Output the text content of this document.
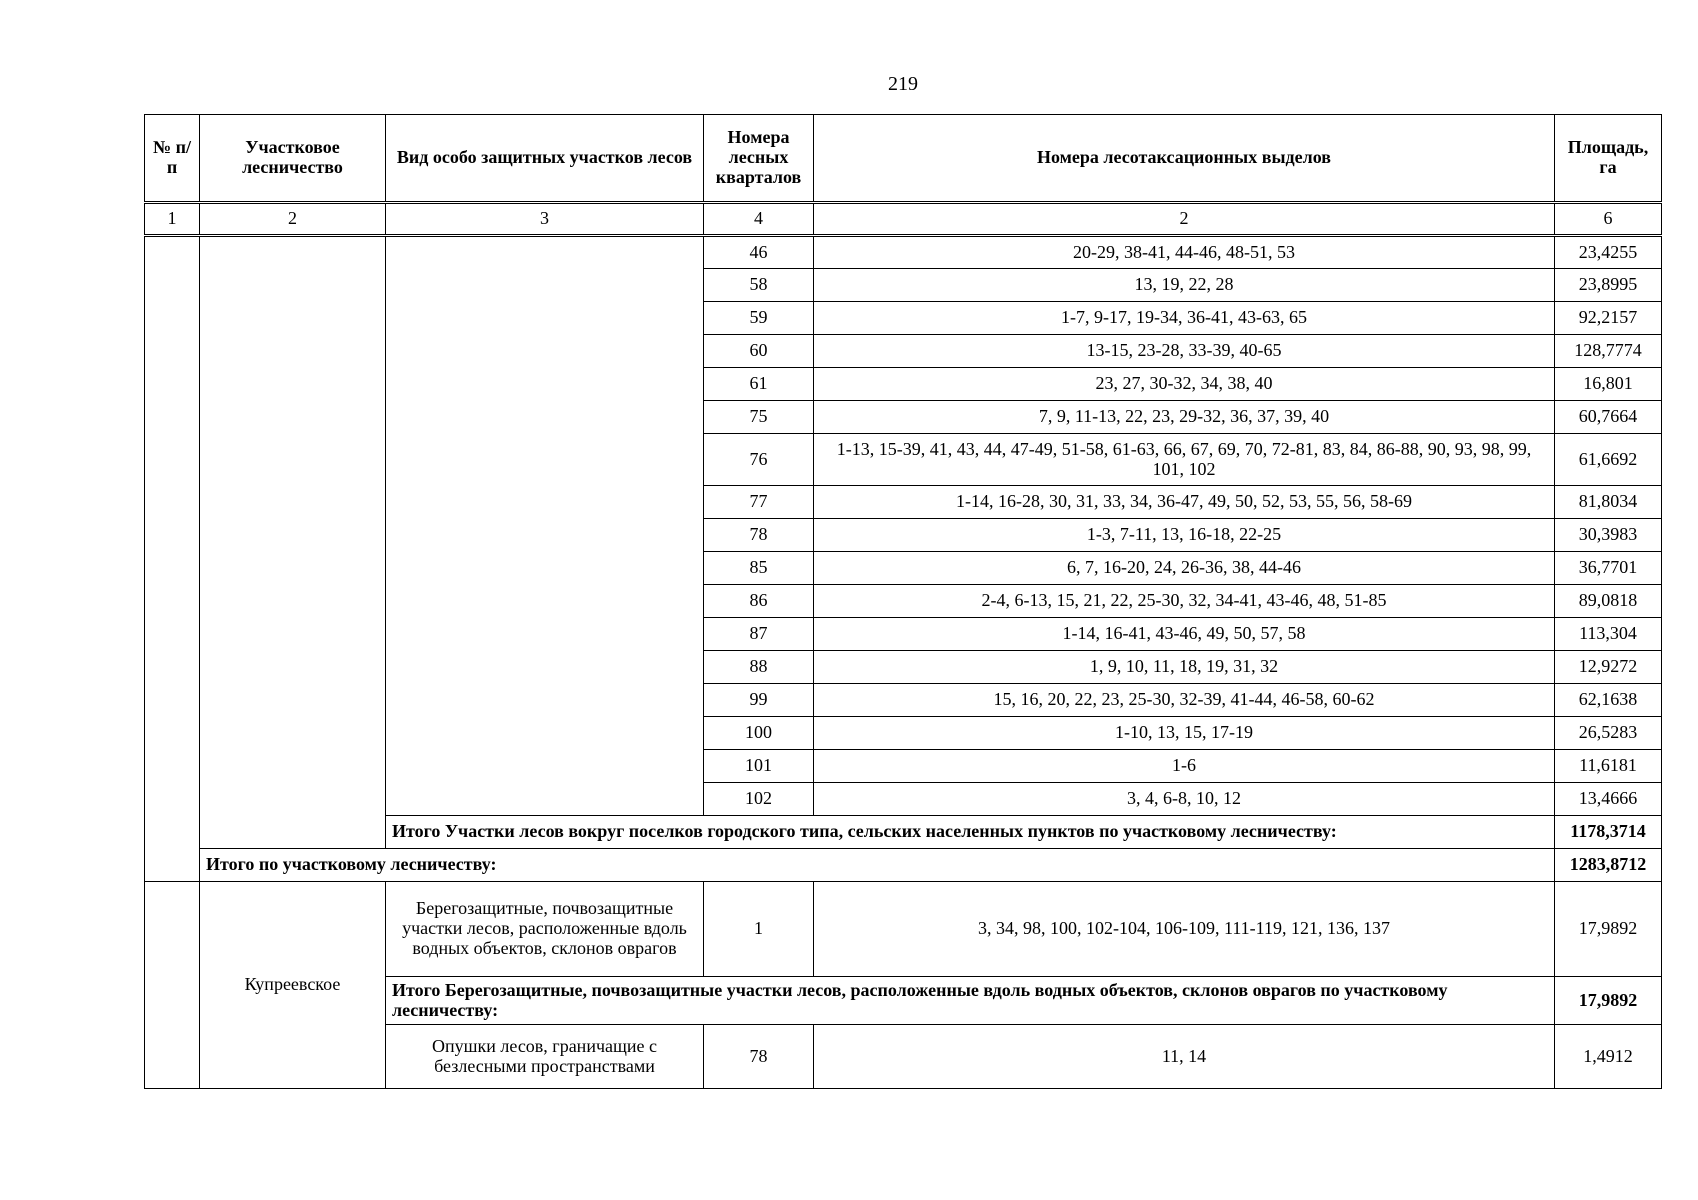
219
№ п/п	Участковое лесничество	Вид особо защитных участков лесов	Номера лесных кварталов	Номера лесотаксационных выделов	Площадь, га
1	2	3	4	2	6
			46	20-29, 38-41, 44-46, 48-51, 53	23,4255
			58	13, 19, 22, 28	23,8995
			59	1-7, 9-17, 19-34, 36-41, 43-63, 65	92,2157
			60	13-15, 23-28, 33-39, 40-65	128,7774
			61	23, 27, 30-32, 34, 38, 40	16,801
			75	7, 9, 11-13, 22, 23, 29-32, 36, 37, 39, 40	60,7664
			76	1-13, 15-39, 41, 43, 44, 47-49, 51-58, 61-63, 66, 67, 69, 70, 72-81, 83, 84, 86-88, 90, 93, 98, 99, 101, 102	61,6692
			77	1-14, 16-28, 30, 31, 33, 34, 36-47, 49, 50, 52, 53, 55, 56, 58-69	81,8034
			78	1-3, 7-11, 13, 16-18, 22-25	30,3983
			85	6, 7, 16-20, 24, 26-36, 38, 44-46	36,7701
			86	2-4, 6-13, 15, 21, 22, 25-30, 32, 34-41, 43-46, 48, 51-85	89,0818
			87	1-14, 16-41, 43-46, 49, 50, 57, 58	113,304
			88	1, 9, 10, 11, 18, 19, 31, 32	12,9272
			99	15, 16, 20, 22, 23, 25-30, 32-39, 41-44, 46-58, 60-62	62,1638
			100	1-10, 13, 15, 17-19	26,5283
			101	1-6	11,6181
			102	3, 4, 6-8, 10, 12	13,4666
		Итого Участки лесов вокруг поселков городского типа, сельских населенных пунктов по участковому лесничеству:			1178,3714
	Итого по участковому лесничеству:				1283,8712
	Купреевское	Берегозащитные, почвозащитные участки лесов, расположенные вдоль водных объектов, склонов оврагов	1	3, 34, 98, 100, 102-104, 106-109, 111-119, 121, 136, 137	17,9892
		Итого Берегозащитные, почвозащитные участки лесов, расположенные вдоль водных объектов, склонов оврагов по участковому лесничеству:			17,9892
		Опушки лесов, граничащие с безлесными пространствами	78	11, 14	1,4912
